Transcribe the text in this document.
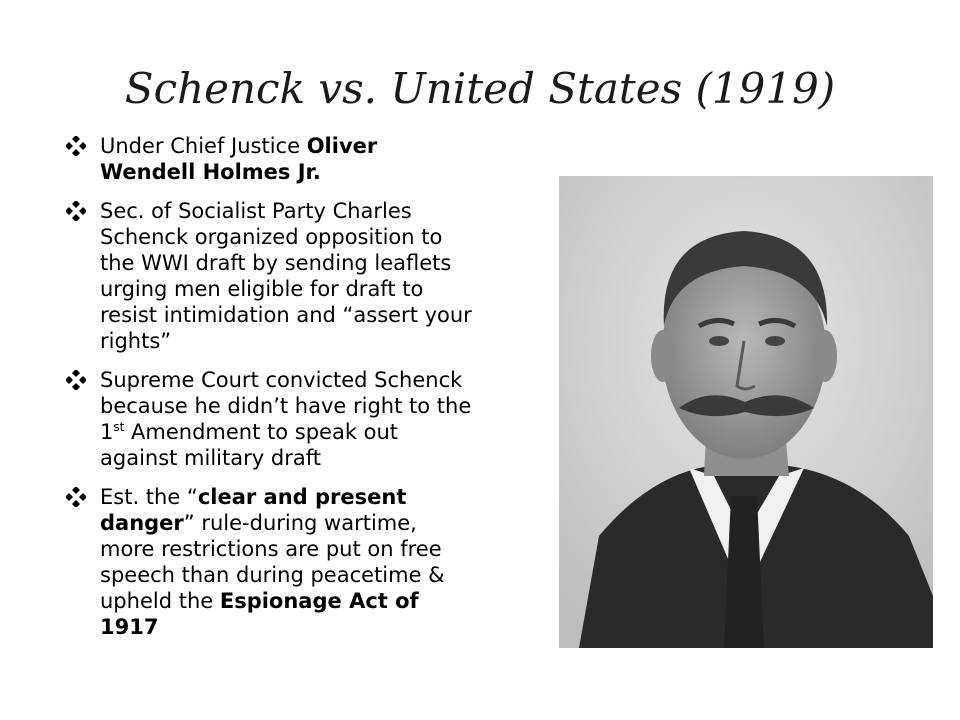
Schenck vs. United States (1919)
Under Chief Justice Oliver Wendell Holmes Jr.
Sec. of Socialist Party Charles Schenck organized opposition to the WWI draft by sending leaflets urging men eligible for draft to resist intimidation and “assert your rights”
Supreme Court convicted Schenck because he didn’t have right to the 1st Amendment to speak out against military draft
Est. the “clear and present danger” rule-during wartime, more restrictions are put on free speech than during peacetime & upheld the Espionage Act of 1917
